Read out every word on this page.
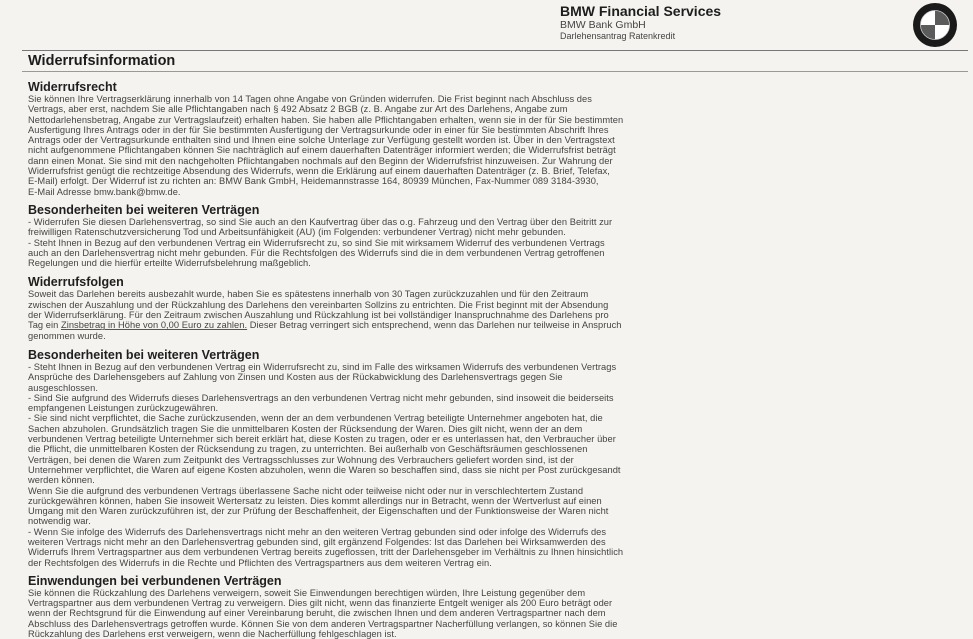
BMW Financial Services
BMW Bank GmbH
Darlehensantrag Ratenkredit
Widerrufsinformation
Widerrufsrecht

Sie können Ihre Vertragserklärung innerhalb von 14 Tagen ohne Angabe von Gründen widerrufen. Die Frist beginnt nach Abschluss des
Vertrags, aber erst, nachdem Sie alle Pflichtangaben nach § 492 Absatz 2 BGB (z. B. Angabe zur Art des Darlehens, Angabe zum
Nettodarlehensbetrag, Angabe zur Vertragslaufzeit) erhalten haben. Sie haben alle Pflichtangaben erhalten, wenn sie in der für Sie bestimmten
Ausfertigung Ihres Antrags oder in der für Sie bestimmten Ausfertigung der Vertragsurkunde oder in einer für Sie bestimmten Abschrift Ihres
Antrags oder der Vertragsurkunde enthalten sind und Ihnen eine solche Unterlage zur Verfügung gestellt worden ist. Über in den Vertragstext
nicht aufgenommene Pflichtangaben können Sie nachträglich auf einem dauerhaften Datenträger informiert werden; die Widerrufsfrist beträgt
dann einen Monat. Sie sind mit den nachgeholten Pflichtangaben nochmals auf den Beginn der Widerrufsfrist hinzuweisen. Zur Wahrung der
Widerrufsfrist genügt die rechtzeitige Absendung des Widerrufs, wenn die Erklärung auf einem dauerhaften Datenträger (z. B. Brief, Telefax,
E-Mail) erfolgt. Der Widerruf ist zu richten an: BMW Bank GmbH, Heidemannstrasse 164, 80939 München, Fax-Nummer 089 3184-3930,
E-Mail Adresse bmw.bank@bmw.de.

Besonderheiten bei weiteren Verträgen

- Widerrufen Sie diesen Darlehensvertrag, so sind Sie auch an den Kaufvertrag über das o.g. Fahrzeug und den Vertrag über den Beitritt zur
freiwilligen Ratenschutzversicherung Tod und Arbeitsunfähigkeit (AU) (im Folgenden: verbundener Vertrag) nicht mehr gebunden.
- Steht Ihnen in Bezug auf den verbundenen Vertrag ein Widerrufsrecht zu, so sind Sie mit wirksamem Widerruf des verbundenen Vertrags
auch an den Darlehensvertrag nicht mehr gebunden. Für die Rechtsfolgen des Widerrufs sind die in dem verbundenen Vertrag getroffenen
Regelungen und die hierfür erteilte Widerrufsbelehrung maßgeblich.

Widerrufsfolgen

Soweit das Darlehen bereits ausbezahlt wurde, haben Sie es spätestens innerhalb von 30 Tagen zurückzuzahlen und für den Zeitraum
zwischen der Auszahlung und der Rückzahlung des Darlehens den vereinbarten Sollzins zu entrichten. Die Frist beginnt mit der Absendung
der Widerrufserklärung. Für den Zeitraum zwischen Auszahlung und Rückzahlung ist bei vollständiger Inanspruchnahme des Darlehens pro
Tag ein Zinsbetrag in Höhe von 0,00 Euro zu zahlen. Dieser Betrag verringert sich entsprechend, wenn das Darlehen nur teilweise in Anspruch
genommen wurde.

Besonderheiten bei weiteren Verträgen

- Steht Ihnen in Bezug auf den verbundenen Vertrag ein Widerrufsrecht zu, sind im Falle des wirksamen Widerrufs des verbundenen Vertrags
Ansprüche des Darlehensgebers auf Zahlung von Zinsen und Kosten aus der Rückabwicklung des Darlehensvertrags gegen Sie
ausgeschlossen.
- Sind Sie aufgrund des Widerrufs dieses Darlehensvertrags an den verbundenen Vertrag nicht mehr gebunden, sind insoweit die beiderseits
empfangenen Leistungen zurückzugewähren.
- Sie sind nicht verpflichtet, die Sache zurückzusenden, wenn der an dem verbundenen Vertrag beteiligte Unternehmer angeboten hat, die
Sachen abzuholen. Grundsätzlich tragen Sie die unmittelbaren Kosten der Rücksendung der Waren. Dies gilt nicht, wenn der an dem
verbundenen Vertrag beteiligte Unternehmer sich bereit erklärt hat, diese Kosten zu tragen, oder er es unterlassen hat, den Verbraucher über
die Pflicht, die unmittelbaren Kosten der Rücksendung zu tragen, zu unterrichten. Bei außerhalb von Geschäftsräumen geschlossenen
Verträgen, bei denen die Waren zum Zeitpunkt des Vertragsschlusses zur Wohnung des Verbrauchers geliefert worden sind, ist der
Unternehmer verpflichtet, die Waren auf eigene Kosten abzuholen, wenn die Waren so beschaffen sind, dass sie nicht per Post zurückgesandt
werden können.
Wenn Sie die aufgrund des verbundenen Vertrags überlassene Sache nicht oder teilweise nicht oder nur in verschlechtertem Zustand
zurückgewähren können, haben Sie insoweit Wertersatz zu leisten. Dies kommt allerdings nur in Betracht, wenn der Wertverlust auf einen
Umgang mit den Waren zurückzuführen ist, der zur Prüfung der Beschaffenheit, der Eigenschaften und der Funktionsweise der Waren nicht
notwendig war.
- Wenn Sie infolge des Widerrufs des Darlehensvertrags nicht mehr an den weiteren Vertrag gebunden sind oder infolge des Widerrufs des
weiteren Vertrags nicht mehr an den Darlehensvertrag gebunden sind, gilt ergänzend Folgendes: Ist das Darlehen bei Wirksamwerden des
Widerrufs Ihrem Vertragspartner aus dem verbundenen Vertrag bereits zugeflossen, tritt der Darlehensgeber im Verhältnis zu Ihnen hinsichtlich
der Rechtsfolgen des Widerrufs in die Rechte und Pflichten des Vertragspartners aus dem weiteren Vertrag ein.

Einwendungen bei verbundenen Verträgen

Sie können die Rückzahlung des Darlehens verweigern, soweit Sie Einwendungen berechtigen würden, Ihre Leistung gegenüber dem
Vertragspartner aus dem verbundenen Vertrag zu verweigern. Dies gilt nicht, wenn das finanzierte Entgelt weniger als 200 Euro beträgt oder
wenn der Rechtsgrund für die Einwendung auf einer Vereinbarung beruht, die zwischen Ihnen und dem anderen Vertragspartner nach dem
Abschluss des Darlehensvertrags getroffen wurde. Können Sie von dem anderen Vertragspartner Nacherfüllung verlangen, so können Sie die
Rückzahlung des Darlehens erst verweigern, wenn die Nacherfüllung fehlgeschlagen ist.
